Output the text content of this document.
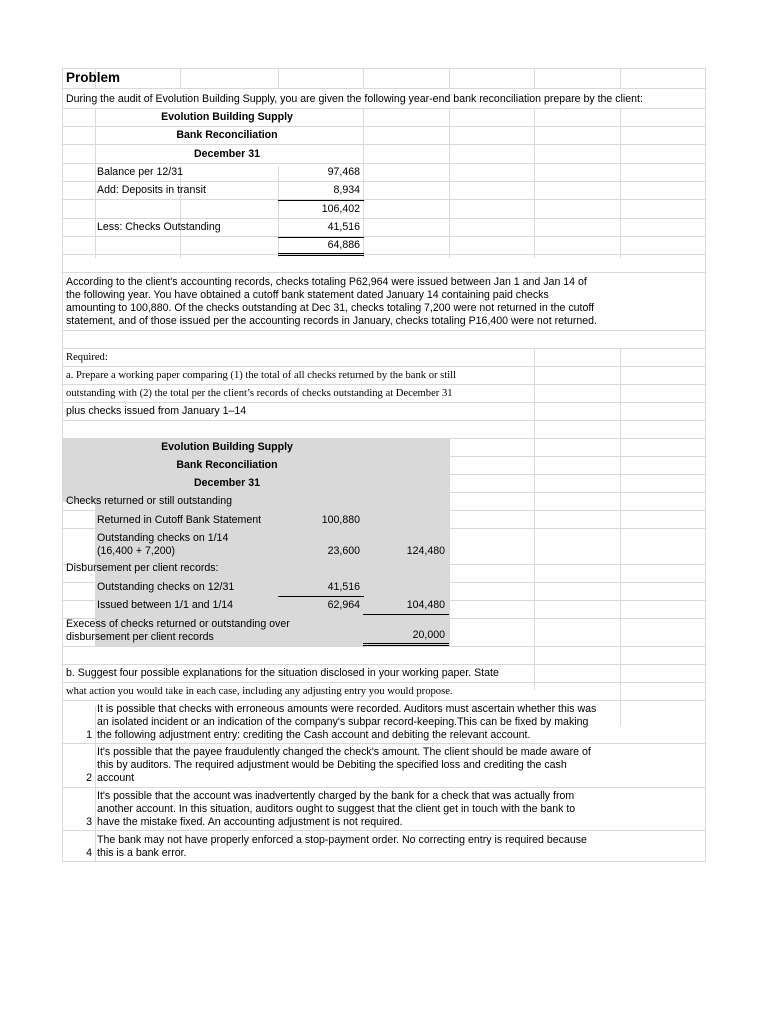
Problem
During the audit of Evolution Building Supply, you are given the following year-end bank reconciliation prepare by the client:
Evolution Building Supply
Bank Reconciliation
December 31
Balance per 12/31	97,468
Add: Deposits in transit	8,934
106,402
Less: Checks Outstanding	41,516
64,886
According to the client's accounting records, checks totaling P62,964 were issued between Jan 1 and Jan 14 of
the following year. You have obtained a cutoff bank statement dated January 14 containing paid checks
amounting to 100,880. Of the checks outstanding at Dec 31, checks totaling 7,200 were not returned in the cutoff
statement, and of those issued per the accounting records in January, checks totaling P16,400 were not returned.
Required:
a. Prepare a working paper comparing (1) the total of all checks returned by the bank or still
outstanding with (2) the total per the client’s records of checks outstanding at December 31
plus checks issued from January 1–14
Evolution Building Supply
Bank Reconciliation
December 31
Checks returned or still outstanding
Returned in Cutoff Bank Statement	100,880
Outstanding checks on 1/14
(16,400 + 7,200)	23,600	124,480
Disbursement per client records:
Outstanding checks on 12/31	41,516
Issued between 1/1 and 1/14	62,964	104,480
Execess of checks returned or outstanding over
disbursement per client records	20,000
b. Suggest four possible explanations for the situation disclosed in your working paper. State
what action you would take in each case, including any adjusting entry you would propose.
1
It is possible that checks with erroneous amounts were recorded. Auditors must ascertain whether this was
an isolated incident or an indication of the company's subpar record-keeping.This can be fixed by making
the following adjustment entry: crediting the Cash account and debiting the relevant account.
2
It's possible that the payee fraudulently changed the check's amount. The client should be made aware of
this by auditors. The required adjustment would be Debiting the specified loss and crediting the cash
account
3
It's possible that the account was inadvertently charged by the bank for a check that was actually from
another account. In this situation, auditors ought to suggest that the client get in touch with the bank to
have the mistake fixed. An accounting adjustment is not required.
4
The bank may not have properly enforced a stop-payment order. No correcting entry is required because
this is a bank error.
